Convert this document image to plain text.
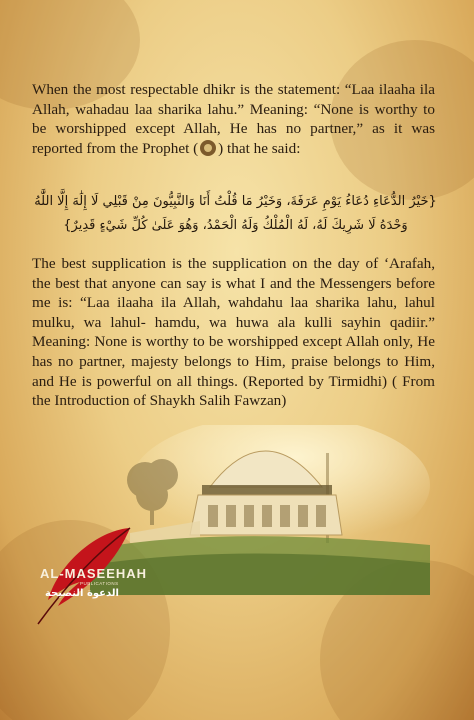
When the most respectable dhikr is the statement: “Laa ilaaha ila Allah, wahadau laa sharika lahu.” Meaning: “None is worthy to be worshipped except Allah, He has no partner,” as it was reported from the Prophet ( ) that he said:

{خَيْرُ الدُّعَاءِ دُعَاءُ يَوْمِ عَرَفَةَ، وَخَيْرُ مَا قُلْتُ أَنَا وَالنَّبِيُّونَ مِنْ قَبْلِي لَا إِلَٰهَ إِلَّا اللَّٰهُ وَحْدَهُ لَا شَرِيكَ لَهُ، لَهُ الْمُلْكُ وَلَهُ الْحَمْدُ، وَهُوَ عَلَىٰ كُلِّ شَيْءٍ قَدِيرٌ}

The best supplication is the supplication on the day of ‘Arafah, the best that anyone can say is what I and the Messengers before me is: “Laa ilaaha ila Allah, wahdahu laa sharika lahu, lahul mulku, wa lahul- hamdu, wa huwa ala kulli sayhin qadiir.” Meaning: None is worthy to be worshipped except Allah only, He has no partner, majesty belongs to Him, praise belongs to Him, and He is powerful on all things. (Reported by Tirmidhi) ( From the Introduction of Shaykh Salih Fawzan)

AL-MASEEHAH
PUBLICATIONS
الدعوة النصيحة
